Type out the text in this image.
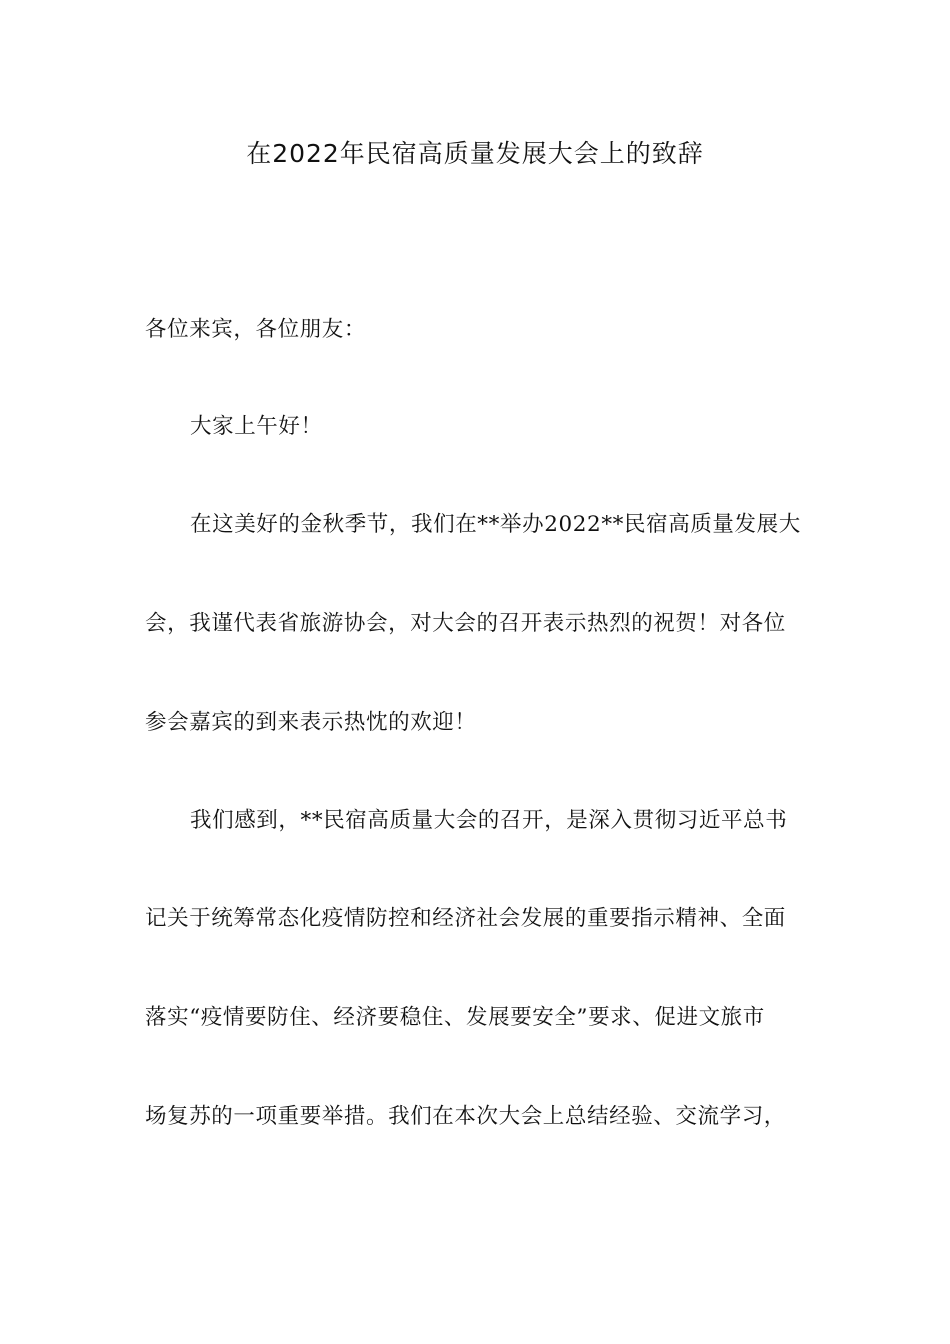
在2022年民宿高质量发展大会上的致辞

各位来宾，各位朋友：

大家上午好！

在这美好的金秋季节，我们在**举办2022**民宿高质量发展大

会，我谨代表省旅游协会，对大会的召开表示热烈的祝贺！对各位

参会嘉宾的到来表示热忱的欢迎！

我们感到，**民宿高质量大会的召开，是深入贯彻习近平总书

记关于统筹常态化疫情防控和经济社会发展的重要指示精神、全面

落实“疫情要防住、经济要稳住、发展要安全”要求、促进文旅市

场复苏的一项重要举措。我们在本次大会上总结经验、交流学习，
